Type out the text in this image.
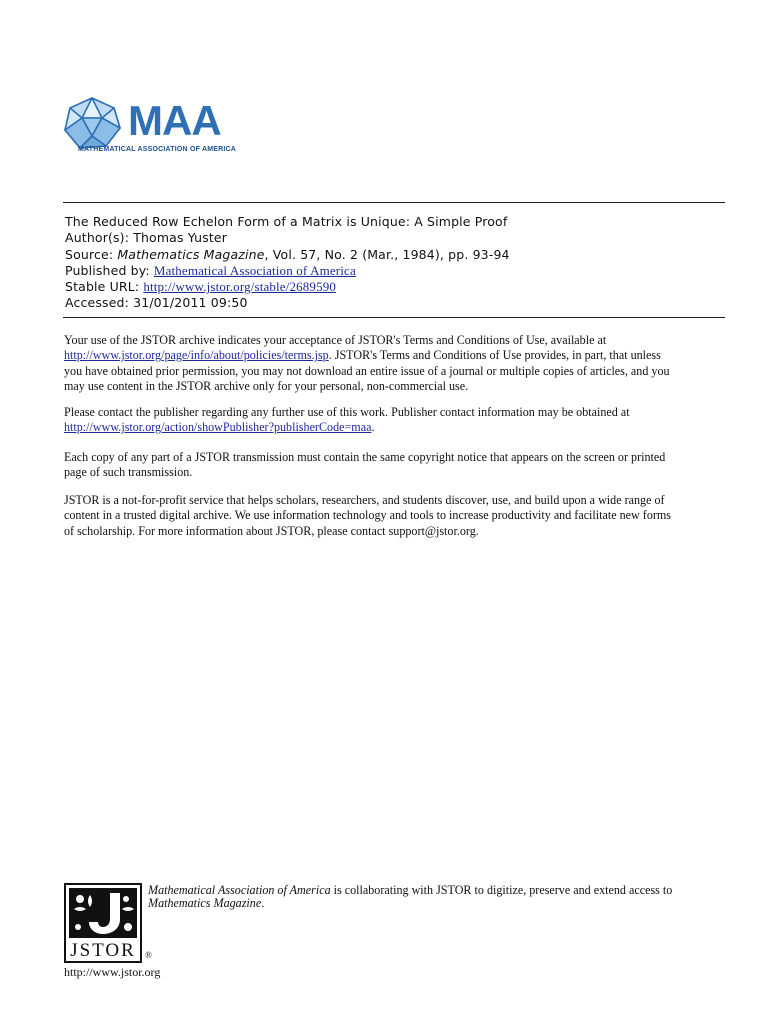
MAA
MATHEMATICAL ASSOCIATION OF AMERICA
The Reduced Row Echelon Form of a Matrix is Unique: A Simple Proof
Author(s): Thomas Yuster
Source: Mathematics Magazine, Vol. 57, No. 2 (Mar., 1984), pp. 93-94
Published by: Mathematical Association of America
Stable URL: http://www.jstor.org/stable/2689590
Accessed: 31/01/2011 09:50
Your use of the JSTOR archive indicates your acceptance of JSTOR's Terms and Conditions of Use, available at
http://www.jstor.org/page/info/about/policies/terms.jsp. JSTOR's Terms and Conditions of Use provides, in part, that unless
you have obtained prior permission, you may not download an entire issue of a journal or multiple copies of articles, and you
may use content in the JSTOR archive only for your personal, non-commercial use.
Please contact the publisher regarding any further use of this work. Publisher contact information may be obtained at
http://www.jstor.org/action/showPublisher?publisherCode=maa.
Each copy of any part of a JSTOR transmission must contain the same copyright notice that appears on the screen or printed
page of such transmission.
JSTOR is a not-for-profit service that helps scholars, researchers, and students discover, use, and build upon a wide range of
content in a trusted digital archive. We use information technology and tools to increase productivity and facilitate new forms
of scholarship. For more information about JSTOR, please contact support@jstor.org.
JSTOR ®
Mathematical Association of America is collaborating with JSTOR to digitize, preserve and extend access to
Mathematics Magazine.
http://www.jstor.org
